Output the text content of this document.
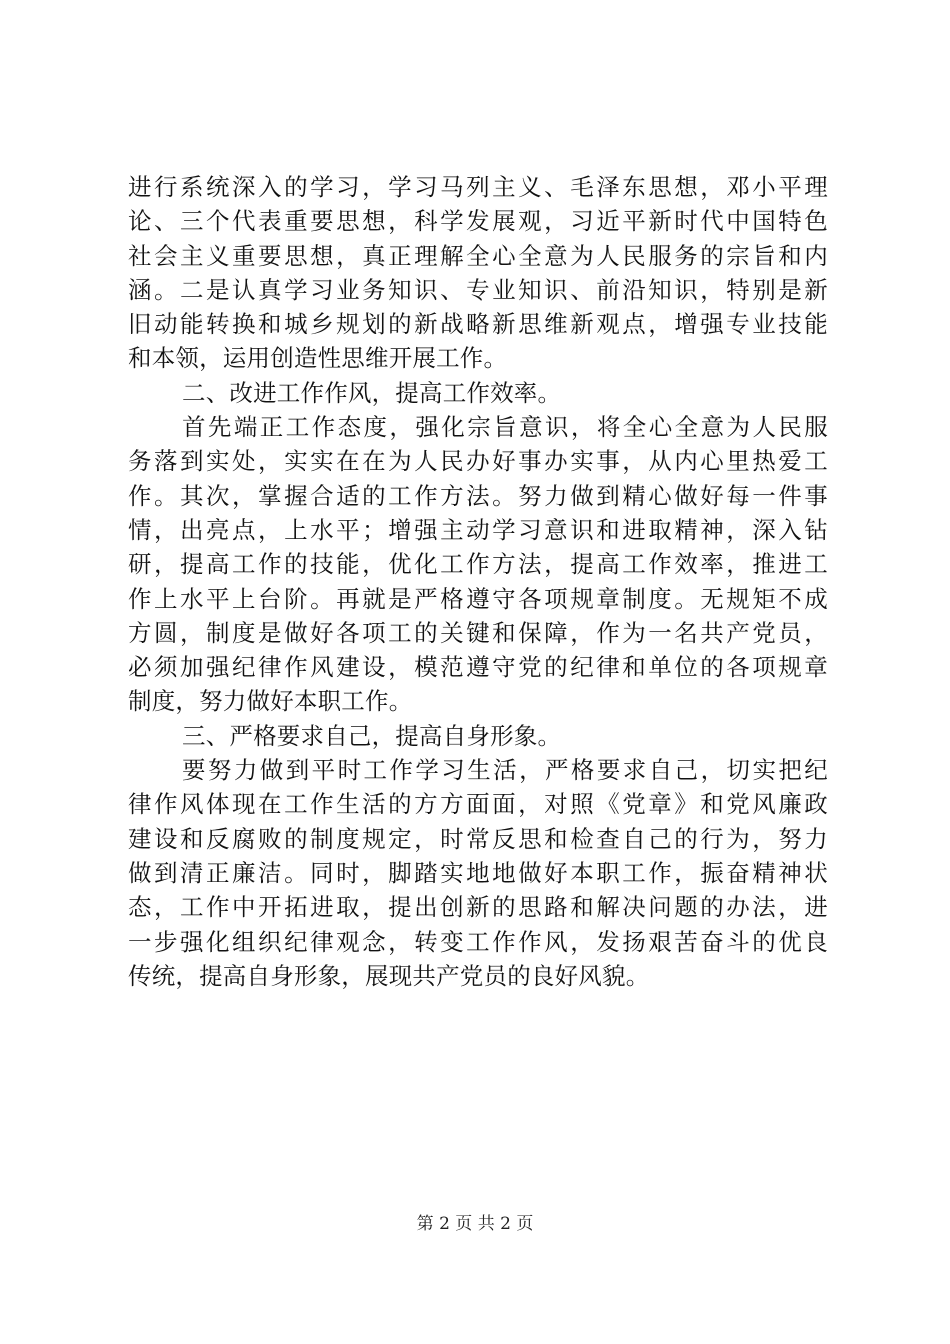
进行系统深入的学习，学习马列主义、毛泽东思想，邓小平理
论、三个代表重要思想，科学发展观，习近平新时代中国特色
社会主义重要思想，真正理解全心全意为人民服务的宗旨和内
涵。二是认真学习业务知识、专业知识、前沿知识，特别是新
旧动能转换和城乡规划的新战略新思维新观点，增强专业技能
和本领，运用创造性思维开展工作。
二、改进工作作风，提高工作效率。
首先端正工作态度，强化宗旨意识，将全心全意为人民服
务落到实处，实实在在为人民办好事办实事，从内心里热爱工
作。其次，掌握合适的工作方法。努力做到精心做好每一件事
情，出亮点，上水平；增强主动学习意识和进取精神，深入钻
研，提高工作的技能，优化工作方法，提高工作效率，推进工
作上水平上台阶。再就是严格遵守各项规章制度。无规矩不成
方圆，制度是做好各项工的关键和保障，作为一名共产党员，
必须加强纪律作风建设，模范遵守党的纪律和单位的各项规章
制度，努力做好本职工作。
三、严格要求自己，提高自身形象。
要努力做到平时工作学习生活，严格要求自己，切实把纪
律作风体现在工作生活的方方面面，对照《党章》和党风廉政
建设和反腐败的制度规定，时常反思和检查自己的行为，努力
做到清正廉洁。同时，脚踏实地地做好本职工作，振奋精神状
态，工作中开拓进取，提出创新的思路和解决问题的办法，进
一步强化组织纪律观念，转变工作作风，发扬艰苦奋斗的优良
传统，提高自身形象，展现共产党员的良好风貌。
第 2 页 共 2 页
